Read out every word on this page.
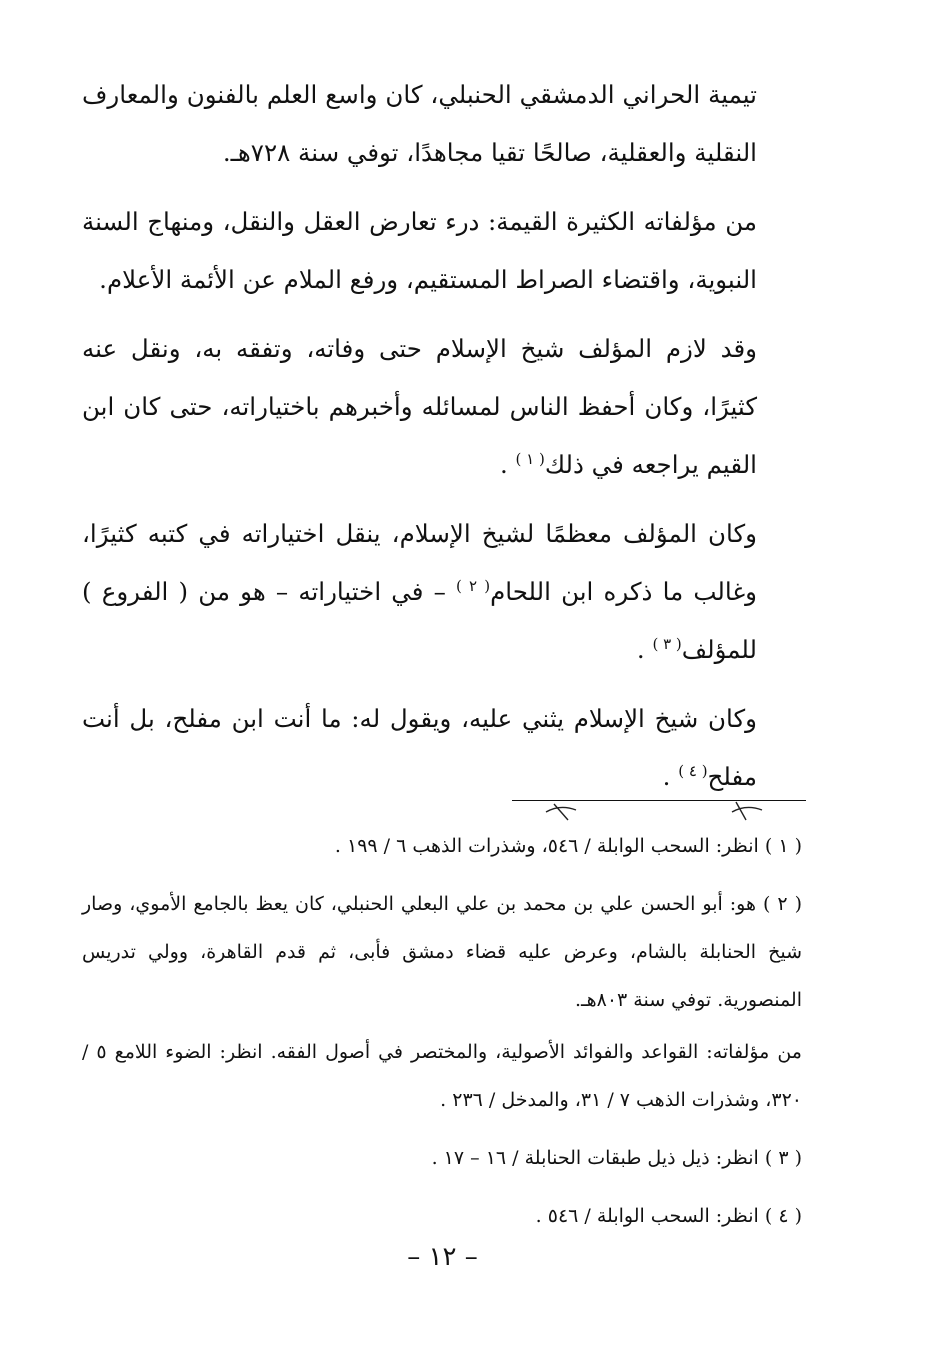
تيمية الحراني الدمشقي الحنبلي، كان واسع العلم بالفنون والمعارف النقلية والعقلية، صالحًا تقيا مجاهدًا، توفي سنة ٧٢٨هـ.

من مؤلفاته الكثيرة القيمة: درء تعارض العقل والنقل، ومنهاج السنة النبوية، واقتضاء الصراط المستقيم، ورفع الملام عن الأئمة الأعلام.

وقد لازم المؤلف شيخ الإسلام حتى وفاته، وتفقه به، ونقل عنه كثيرًا، وكان أحفظ الناس لمسائله وأخبرهم باختياراته، حتى كان ابن القيم يراجعه في ذلك$^{( ١ )}$ .

وكان المؤلف معظمًا لشيخ الإسلام، ينقل اختياراته في كتبه كثيرًا، وغالب ما ذكره ابن اللحام$^{( ٢ )}$ – في اختياراته – هو من ( الفروع ) للمؤلف$^{( ٣ )}$ .

وكان شيخ الإسلام يثني عليه، ويقول له: ما أنت ابن مفلح، بل أنت مفلح$^{( ٤ )}$ .

( ١ ) انظر: السحب الوابلة / ٥٤٦، وشذرات الذهب ٦ / ١٩٩ .

( ٢ ) هو: أبو الحسن علي بن محمد بن علي البعلي الحنبلي، كان يعظ بالجامع الأموي، وصار شيخ الحنابلة بالشام، وعرض عليه قضاء دمشق فأبى، ثم قدم القاهرة، وولي تدريس المنصورية. توفي سنة ٨٠٣هـ.

من مؤلفاته: القواعد والفوائد الأصولية، والمختصر في أصول الفقه. انظر: الضوء اللامع ٥ / ٣٢٠، وشذرات الذهب ٧ / ٣١، والمدخل / ٢٣٦ .

( ٣ ) انظر: ذيل ذيل طبقات الحنابلة / ١٦ – ١٧ .

( ٤ ) انظر: السحب الوابلة / ٥٤٦ .

– ١٢ –
